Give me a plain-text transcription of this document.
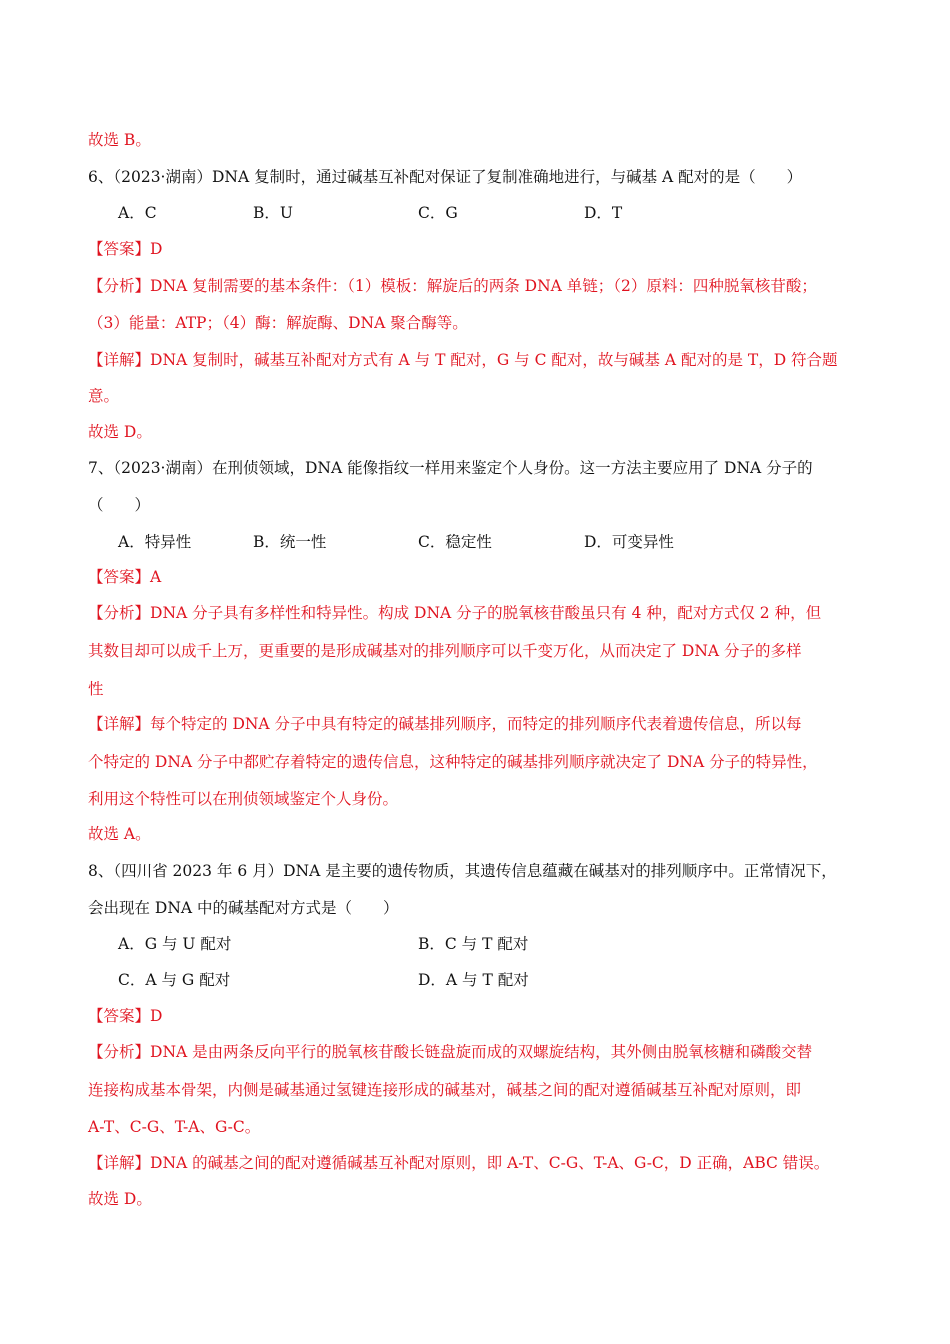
故选 B。
6、（2023·湖南）DNA 复制时，通过碱基互补配对保证了复制准确地进行，与碱基 A 配对的是（　　）
A．C	B．U	C．G	D．T
【答案】D
【分析】DNA 复制需要的基本条件：（1）模板：解旋后的两条 DNA 单链；（2）原料：四种脱氧核苷酸；
（3）能量：ATP；（4）酶：解旋酶、DNA 聚合酶等。
【详解】DNA 复制时，碱基互补配对方式有 A 与 T 配对，G 与 C 配对，故与碱基 A 配对的是 T，D 符合题
意。
故选 D。
7、（2023·湖南）在刑侦领域，DNA 能像指纹一样用来鉴定个人身份。这一方法主要应用了 DNA 分子的
（　　）
A．特异性	B．统一性	C．稳定性	D．可变异性
【答案】A
【分析】DNA 分子具有多样性和特异性。构成 DNA 分子的脱氧核苷酸虽只有 4 种，配对方式仅 2 种，但
其数目却可以成千上万，更重要的是形成碱基对的排列顺序可以千变万化，从而决定了 DNA 分子的多样
性
【详解】每个特定的 DNA 分子中具有特定的碱基排列顺序，而特定的排列顺序代表着遗传信息，所以每
个特定的 DNA 分子中都贮存着特定的遗传信息，这种特定的碱基排列顺序就决定了 DNA 分子的特异性，
利用这个特性可以在刑侦领域鉴定个人身份。
故选 A。
8、（四川省 2023 年 6 月）DNA 是主要的遗传物质，其遗传信息蕴藏在碱基对的排列顺序中。正常情况下，
会出现在 DNA 中的碱基配对方式是（　　）
A．G 与 U 配对	B．C 与 T 配对
C．A 与 G 配对	D．A 与 T 配对
【答案】D
【分析】DNA 是由两条反向平行的脱氧核苷酸长链盘旋而成的双螺旋结构，其外侧由脱氧核糖和磷酸交替
连接构成基本骨架，内侧是碱基通过氢键连接形成的碱基对，碱基之间的配对遵循碱基互补配对原则，即
A-T、C-G、T-A、G-C。
【详解】DNA 的碱基之间的配对遵循碱基互补配对原则，即 A-T、C-G、T-A、G-C，D 正确，ABC 错误。
故选 D。
